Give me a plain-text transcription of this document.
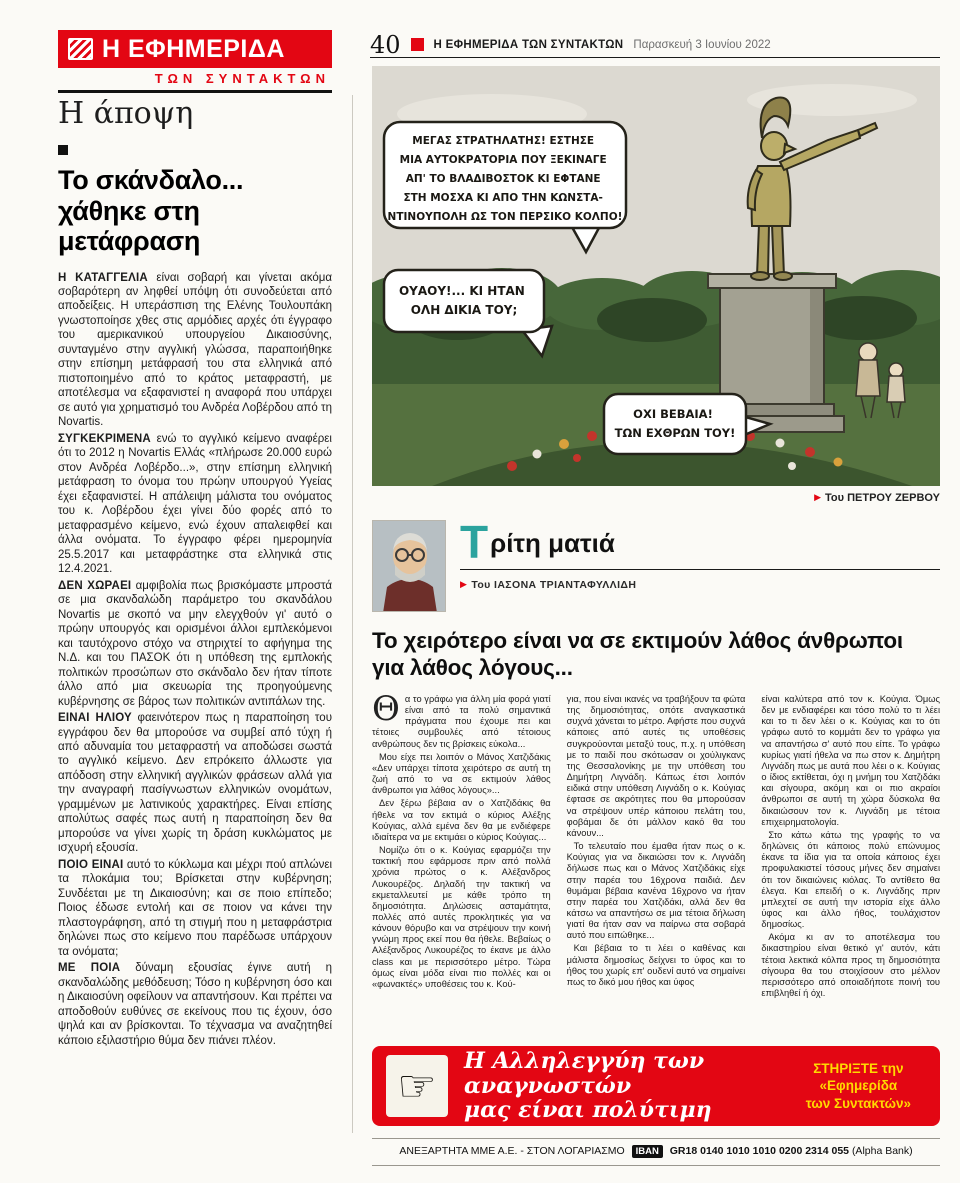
Η ΕΦΗΜΕΡΙΔΑ
ΤΩΝ ΣΥΝΤΑΚΤΩΝ
40	Η ΕΦΗΜΕΡΙΔΑ ΤΩΝ ΣΥΝΤΑΚΤΩΝ Παρασκευή 3 Ιουνίου 2022
Η άποψη
Το σκάνδαλο... χάθηκε στη μετάφραση

Η ΚΑΤΑΓΓΕΛΙΑ είναι σοβαρή και γίνεται ακόμα σοβαρότερη αν ληφθεί υπόψη ότι συνοδεύεται από αποδείξεις. Η υπεράσπιση της Ελένης Τουλουπάκη γνωστοποίησε χθες στις αρμόδιες αρχές ότι έγγραφο του αμερικανικού υπουργείου Δικαιοσύνης, συνταγμένο στην αγγλική γλώσσα, παραποιήθηκε στην επίσημη μετάφρασή του στα ελληνικά από πιστοποιημένο από το κράτος μεταφραστή, με αποτέλεσμα να εξαφανιστεί η αναφορά που υπάρχει σε αυτό για χρηματισμό του Ανδρέα Λοβέρδου από τη Novartis.

ΣΥΓΚΕΚΡΙΜΕΝΑ ενώ το αγγλικό κείμενο αναφέρει ότι το 2012 η Novartis Ελλάς «πλήρωσε 20.000 ευρώ στον Ανδρέα Λοβέρδο...», στην επίσημη ελληνική μετάφραση το όνομα του πρώην υπουργού Υγείας έχει εξαφανιστεί. Η απάλειψη μάλιστα του ονόματος του κ. Λοβέρδου έχει γίνει δύο φορές από το μεταφρασμένο κείμενο, ενώ έχουν απαλειφθεί και άλλα ονόματα. Το έγγραφο φέρει ημερομηνία 25.5.2017 και μεταφράστηκε στα ελληνικά στις 12.4.2021.

ΔΕΝ ΧΩΡΑΕΙ αμφιβολία πως βρισκόμαστε μπροστά σε μια σκανδαλώδη παράμετρο του σκανδάλου Novartis με σκοπό να μην ελεγχθούν γι' αυτό ο πρώην υπουργός και ορισμένοι άλλοι εμπλεκόμενοι και ταυτόχρονο στόχο να στηριχτεί το αφήγημα της Ν.Δ. και του ΠΑΣΟΚ ότι η υπόθεση της εμπλοκής πολιτικών προσώπων στο σκάνδαλο δεν ήταν τίποτε άλλο από μια σκευωρία της προηγούμενης κυβέρνησης σε βάρος των πολιτικών αντιπάλων της.

ΕΙΝΑΙ ΗΛΙΟΥ φαεινότερον πως η παραποίηση του εγγράφου δεν θα μπορούσε να συμβεί από τύχη ή από αδυναμία του μεταφραστή να αποδώσει σωστά το αγγλικό κείμενο. Δεν επρόκειτο άλλωστε για απόδοση στην ελληνική αγγλικών φράσεων αλλά για την αναγραφή πασίγνωστων ελληνικών ονομάτων, γραμμένων με λατινικούς χαρακτήρες. Είναι επίσης απολύτως σαφές πως αυτή η παραποίηση δεν θα μπορούσε να γίνει χωρίς τη δράση κυκλώματος με ισχυρή εξουσία.

ΠΟΙΟ ΕΙΝΑΙ αυτό το κύκλωμα και μέχρι πού απλώνει τα πλοκάμια του; Βρίσκεται στην κυβέρνηση; Συνδέεται με τη Δικαιοσύνη; και σε ποιο επίπεδο; Ποιος έδωσε εντολή και σε ποιον να κάνει την πλαστογράφηση, από τη στιγμή που η μεταφράστρια δηλώνει πως στο κείμενο που παρέδωσε υπάρχουν τα ονόματα;

ΜΕ ΠΟΙΑ δύναμη εξουσίας έγινε αυτή η σκανδαλώδης μεθόδευση; Τόσο η κυβέρνηση όσο και η Δικαιοσύνη οφείλουν να απαντήσουν. Και πρέπει να αποδοθούν ευθύνες σε εκείνους που τις έχουν, όσο ψηλά και αν βρίσκονται. Το τέχνασμα να αναζητηθεί κάποιο εξιλαστήριο θύμα δεν πιάνει πλέον.

ΜΕΓΑΣ ΣΤΡΑΤΗΛΑΤΗΣ! ΕΣΤΗΣΕ ΜΙΑ ΑΥΤΟΚΡΑΤΟΡΙΑ ΠΟΥ ΞΕΚΙΝΑΓΕ ΑΠ' ΤΟ ΒΛΑΔΙΒΟΣΤΟΚ ΚΙ ΕΦΤΑΝΕ ΣΤΗ ΜΟΣΧΑ ΚΙ ΑΠΟ ΤΗΝ ΚΩΝΣΤΑ- ΝΤΙΝΟΥΠΟΛΗ ΩΣ ΤΟΝ ΠΕΡΣΙΚΟ ΚΟΛΠΟ!
ΟΥΑΟΥ!... ΚΙ ΗΤΑΝ ΟΛΗ ΔΙΚΙΑ ΤΟΥ;
ΟΧΙ ΒΕΒΑΙΑ! ΤΩΝ ΕΧΘΡΩΝ ΤΟΥ!
▶ Του ΠΕΤΡΟΥ ΖΕΡΒΟΥ
Τρίτη ματιά
▶ Του ΙΑΣΟΝΑ ΤΡΙΑΝΤΑΦΥΛΛΙΔΗ
Το χειρότερο είναι να σε εκτιμούν λάθος άνθρωποι για λάθος λόγους...

Θα το γράφω για άλλη μία φορά γιατί είναι από τα πολύ σημαντικά πράγματα που έχουμε πει και τέτοιες συμβουλές από τέτοιους ανθρώπους δεν τις βρίσκεις εύκολα...

Μου είχε πει λοιπόν ο Μάνος Χατζιδάκις «Δεν υπάρχει τίποτα χειρότερο σε αυτή τη ζωή από το να σε εκτιμούν λάθος άνθρωποι για λάθος λόγους»...

Δεν ξέρω βέβαια αν ο Χατζιδάκις θα ήθελε να τον εκτιμά ο κύριος Αλέξης Κούγιας, αλλά εμένα δεν θα με ενδιέφερε ιδιαίτερα να με εκτιμάει ο κύριος Κούγιας...

Νομίζω ότι ο κ. Κούγιας εφαρμόζει την τακτική που εφάρμοσε πριν από πολλά χρόνια πρώτος ο κ. Αλέξανδρος Λυκουρέζος. Δηλαδή την τακτική να εκμεταλλευτεί με κάθε τρόπο τη δημοσιότητα. Δηλώσεις ασταμάτητα, πολλές από αυτές προκλητικές για να κάνουν θόρυβο και να στρέψουν την κοινή γνώμη προς εκεί που θα ήθελε. Βεβαίως ο Αλέξανδρος Λυκουρέζος το έκανε με άλλο class και με περισσότερο μέτρο. Τώρα όμως είναι μόδα είναι πιο πολλές και οι «φωνακτές» υποθέσεις του κ. Κού-

για, που είναι ικανές να τραβήξουν τα φώτα της δημοσιότητας, οπότε αναγκαστικά συχνά χάνεται το μέτρο. Αφήστε που συχνά κάποιες από αυτές τις υποθέσεις συγκρούονται μεταξύ τους, π.χ. η υπόθεση με το παιδί που σκότωσαν οι χούλιγκανς της Θεσσαλονίκης με την υπόθεση του Δημήτρη Λιγνάδη. Κάπως έτσι λοιπόν ειδικά στην υπόθεση Λιγνάδη ο κ. Κούγιας έφτασε σε ακρότητες που θα μπορούσαν να στρέψουν υπέρ κάποιου πελάτη του, φοβάμαι δε ότι μάλλον κακό θα του κάνουν...

Το τελευταίο που έμαθα ήταν πως ο κ. Κούγιας για να δικαιώσει τον κ. Λιγνάδη δήλωσε πως και ο Μάνος Χατζιδάκις είχε στην παρέα του 16χρονα παιδιά. Δεν θυμάμαι βέβαια κανένα 16χρονο να ήταν στην παρέα του Χατζιδάκι, αλλά δεν θα κάτσω να απαντήσω σε μια τέτοια δήλωση γιατί θα ήταν σαν να παίρνω στα σοβαρά αυτό που ειπώθηκε...

Και βέβαια το τι λέει ο καθένας και μάλιστα δημοσίως δείχνει το ύφος και το ήθος του χωρίς επ' ουδενί αυτό να σημαίνει πως το δικό μου ήθος και ύφος

είναι καλύτερα από τον κ. Κούγια. Όμως δεν με ενδιαφέρει και τόσο πολύ το τι λέει και το τι δεν λέει ο κ. Κούγιας και το ότι γράφω αυτό το κομμάτι δεν το γράφω για να απαντήσω σ' αυτό που είπε. Το γράφω κυρίως γιατί ήθελα να πω στον κ. Δημήτρη Λιγνάδη πως με αυτά που λέει ο κ. Κούγιας ο ίδιος εκτίθεται, όχι η μνήμη του Χατζιδάκι και σίγουρα, ακόμη και οι πιο ακραίοι άνθρωποι σε αυτή τη χώρα δύσκολα θα δικαιώσουν τον κ. Λιγνάδη με τέτοια επιχειρηματολογία.

Στο κάτω κάτω της γραφής το να δηλώνεις ότι κάποιος πολύ επώνυμος έκανε τα ίδια για τα οποία κάποιος έχει προφυλακιστεί τόσους μήνες δεν σημαίνει ότι τον δικαιώνεις κιόλας. Το αντίθετο θα έλεγα. Και επειδή ο κ. Λιγνάδης πριν μπλεχτεί σε αυτή την ιστορία είχε άλλο ύφος και άλλο ήθος, τουλάχιστον δημοσίως.

Ακόμα κι αν το αποτέλεσμα του δικαστηρίου είναι θετικό γι' αυτόν, κάτι τέτοια λεκτικά κόλπα προς τη δημοσιότητα σίγουρα θα του στοιχίσουν στο μέλλον περισσότερο από οποιαδήποτε ποινή του επιβληθεί ή όχι.

☞
Η Αλληλεγγύη των αναγνωστών
μας είναι πολύτιμη
ΣΤΗΡΙΞΤΕ την «Εφημερίδα
των Συντακτών»
ΑΝΕΞΑΡΤΗΤΑ ΜΜΕ Α.Ε. - ΣΤΟΝ ΛΟΓΑΡΙΑΣΜΟ IBAN GR18 0140 1010 1010 0200 2314 055 (Alpha Bank)
